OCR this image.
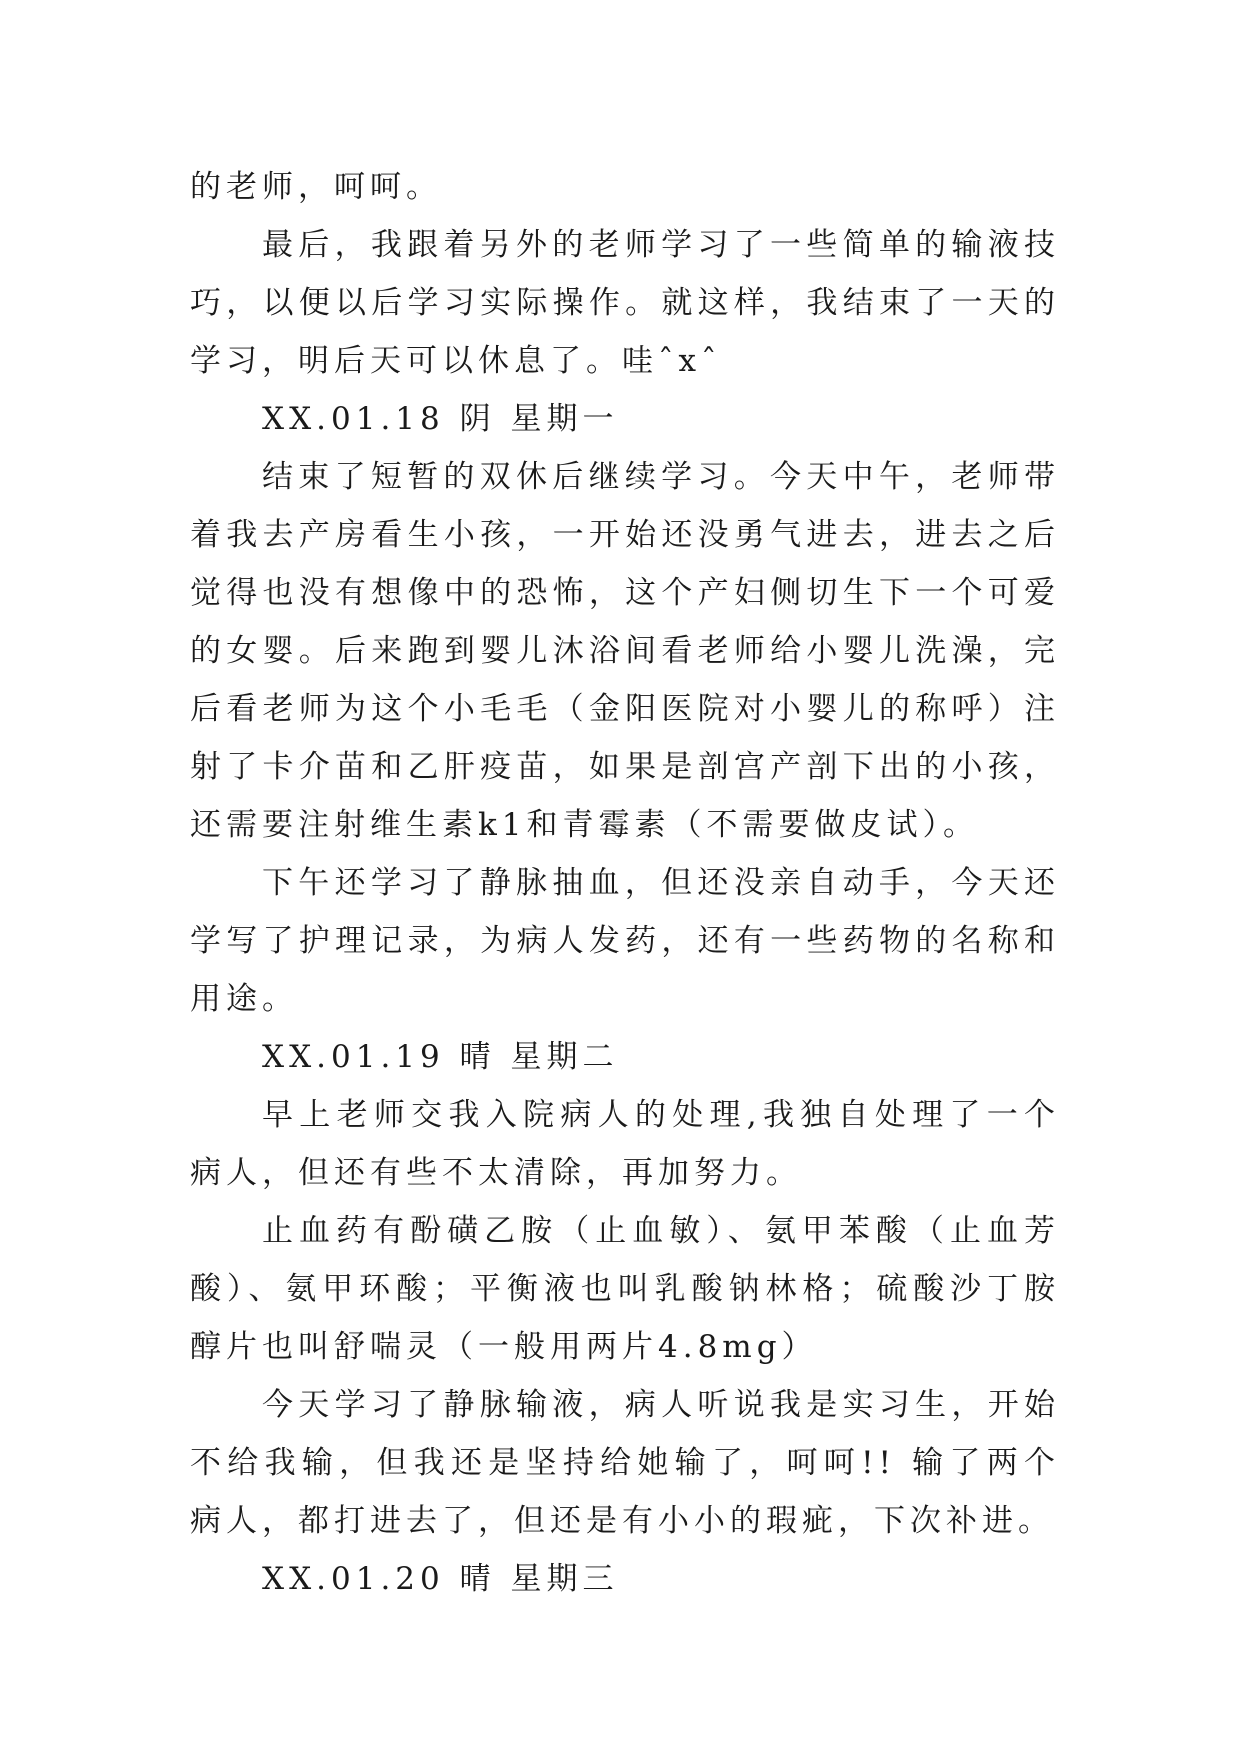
的老师，呵呵。

最后，我跟着另外的老师学习了一些简单的输液技巧，以便以后学习实际操作。就这样，我结束了一天的学习，明后天可以休息了。哇ˆxˆ

XX.01.18 阴 星期一

结束了短暂的双休后继续学习。今天中午，老师带着我去产房看生小孩，一开始还没勇气进去，进去之后觉得也没有想像中的恐怖，这个产妇侧切生下一个可爱的女婴。后来跑到婴儿沐浴间看老师给小婴儿洗澡，完后看老师为这个小毛毛（金阳医院对小婴儿的称呼）注射了卡介苗和乙肝疫苗，如果是剖宫产剖下出的小孩，还需要注射维生素k1和青霉素（不需要做皮试）。

下午还学习了静脉抽血，但还没亲自动手，今天还学写了护理记录，为病人发药，还有一些药物的名称和用途。

XX.01.19 晴 星期二

早上老师交我入院病人的处理,我独自处理了一个病人，但还有些不太清除，再加努力。

止血药有酚磺乙胺（止血敏）、氨甲苯酸（止血芳酸）、氨甲环酸；平衡液也叫乳酸钠林格；硫酸沙丁胺醇片也叫舒喘灵（一般用两片4.8mg）

今天学习了静脉输液，病人听说我是实习生，开始不给我输，但我还是坚持给她输了，呵呵!! 输了两个病人，都打进去了，但还是有小小的瑕疵，下次补进。

XX.01.20 晴 星期三
